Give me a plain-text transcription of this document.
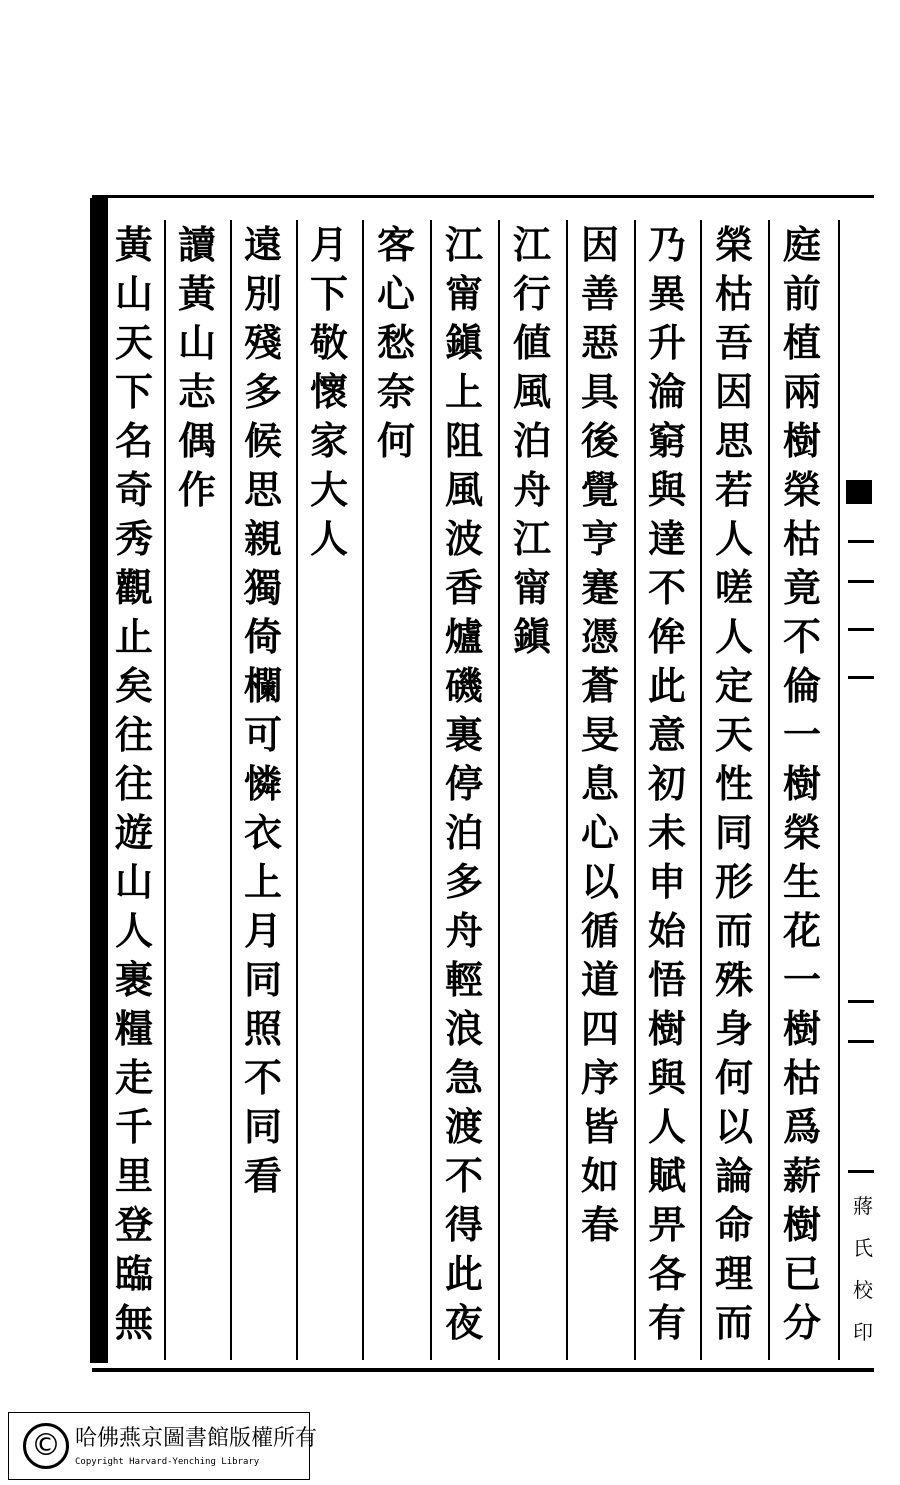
庭
前
植
兩
樹
榮
枯
竟
不
倫
一
樹
榮
生
花
一
樹
枯
爲
薪
樹
已
分
榮
枯
吾
因
思
若
人
嗟
人
定
天
性
同
形
而
殊
身
何
以
論
命
理
而
乃
異
升
淪
窮
與
達
不
侔
此
意
初
未
申
始
悟
樹
與
人
賦
畀
各
有
因
善
惡
具
後
覺
亨
蹇
憑
蒼
旻
息
心
以
循
道
四
序
皆
如
春
江
行
値
風
泊
舟
江
甯
鎭
江
甯
鎭
上
阻
風
波
香
爐
磯
裏
停
泊
多
舟
輕
浪
急
渡
不
得
此
夜
客
心
愁
奈
何
月
下
敬
懷
家
大
人
遠
別
殘
多
候
思
親
獨
倚
欄
可
憐
衣
上
月
同
照
不
同
看
讀
黃
山
志
偶
作
黃
山
天
下
名
奇
秀
觀
止
矣
往
往
遊
山
人
裹
糧
走
千
里
登
臨
無
蔣
氏
校
印
© 哈佛燕京圖書館版權所有
Copyright Harvard-Yenching Library
